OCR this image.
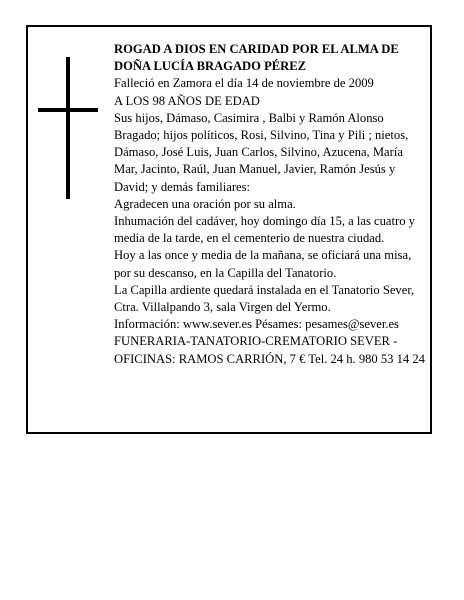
ROGAD A DIOS EN CARIDAD POR EL ALMA DE DOÑA LUCÍA BRAGADO PÉREZ

Falleció en Zamora el día 14 de noviembre de 2009

A LOS 98 AÑOS DE EDAD

Sus hijos, Dámaso, Casimira , Balbi y Ramón Alonso Bragado; hijos políticos, Rosi, Silvino, Tina y Pili ; nietos, Dámaso, José Luis, Juan Carlos, Silvino, Azucena, María Mar, Jacinto, Raúl, Juan Manuel, Javier, Ramón Jesús y David; y demás familiares:

Agradecen una oración por su alma.

Inhumación del cadáver, hoy domingo día 15, a las cuatro y media de la tarde, en el cementerio de nuestra ciudad.

Hoy a las once y media de la mañana, se oficiará una misa, por su descanso, en la Capilla del Tanatorio.

La Capilla ardiente quedará instalada en el Tanatorio Sever, Ctra. Villalpando 3, sala Virgen del Yermo.

Información: www.sever.es Pésames: pesames@sever.es

FUNERARIA-TANATORIO-CREMATORIO SEVER - OFICINAS: RAMOS CARRIÓN, 7 € Tel. 24 h. 980 53 14 24
